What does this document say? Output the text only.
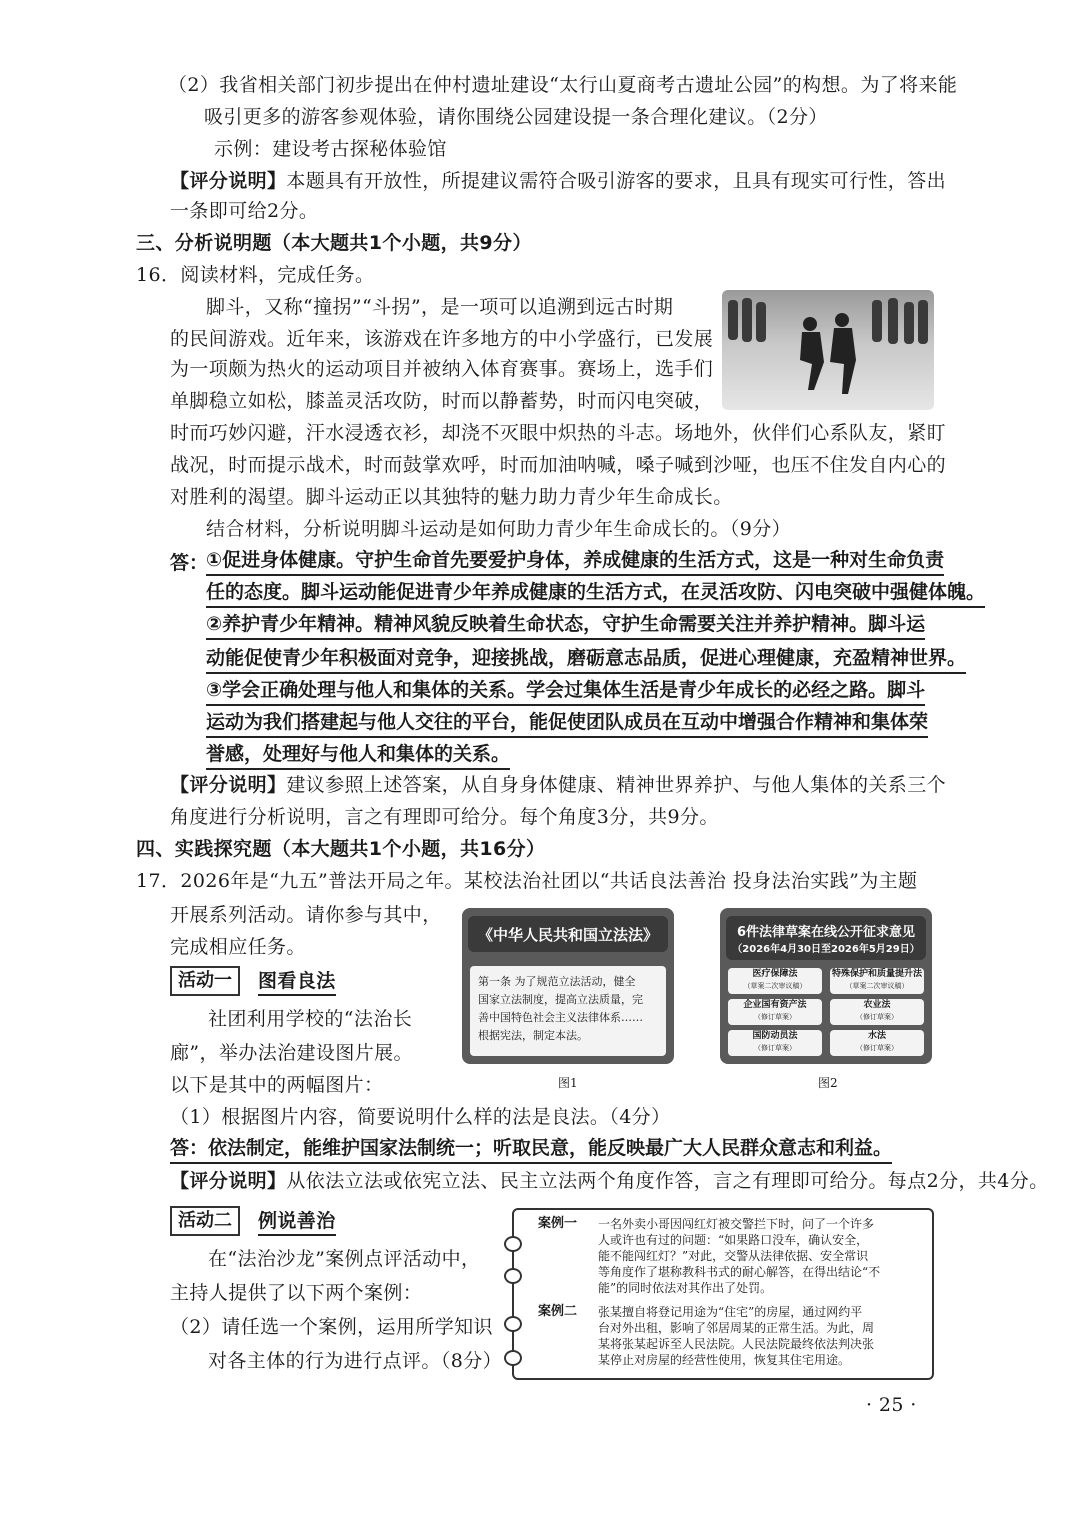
（2）我省相关部门初步提出在仲村遗址建设“太行山夏商考古遗址公园”的构想。为了将来能
吸引更多的游客参观体验，请你围绕公园建设提一条合理化建议。（2分）
示例：建设考古探秘体验馆
【评分说明】本题具有开放性，所提建议需符合吸引游客的要求，且具有现实可行性，答出
一条即可给2分。
三、分析说明题（本大题共1个小题，共9分）
16．阅读材料，完成任务。
脚斗，又称“撞拐”“斗拐”，是一项可以追溯到远古时期
的民间游戏。近年来，该游戏在许多地方的中小学盛行，已发展
为一项颇为热火的运动项目并被纳入体育赛事。赛场上，选手们
单脚稳立如松，膝盖灵活攻防，时而以静蓄势，时而闪电突破，
时而巧妙闪避，汗水浸透衣衫，却浇不灭眼中炽热的斗志。场地外，伙伴们心系队友，紧盯
战况，时而提示战术，时而鼓掌欢呼，时而加油呐喊，嗓子喊到沙哑，也压不住发自内心的
对胜利的渴望。脚斗运动正以其独特的魅力助力青少年生命成长。
结合材料，分析说明脚斗运动是如何助力青少年生命成长的。（9分）
答：
①促进身体健康。守护生命首先要爱护身体，养成健康的生活方式，这是一种对生命负责
任的态度。脚斗运动能促进青少年养成健康的生活方式，在灵活攻防、闪电突破中强健体魄。
②养护青少年精神。精神风貌反映着生命状态，守护生命需要关注并养护精神。脚斗运
动能促使青少年积极面对竞争，迎接挑战，磨砺意志品质，促进心理健康，充盈精神世界。
③学会正确处理与他人和集体的关系。学会过集体生活是青少年成长的必经之路。脚斗
运动为我们搭建起与他人交往的平台，能促使团队成员在互动中增强合作精神和集体荣
誉感，处理好与他人和集体的关系。
【评分说明】建议参照上述答案，从自身身体健康、精神世界养护、与他人集体的关系三个
角度进行分析说明，言之有理即可给分。每个角度3分，共9分。
四、实践探究题（本大题共1个小题，共16分）
17．2026年是“九五”普法开局之年。某校法治社团以“共话良法善治 投身法治实践”为主题
开展系列活动。请你参与其中，
完成相应任务。
活动一	图看良法
社团利用学校的“法治长
廊”，举办法治建设图片展。
以下是其中的两幅图片：
《中华人民共和国立法法》
第一条 为了规范立法活动，健全
国家立法制度，提高立法质量，完
善中国特色社会主义法律体系……
根据宪法，制定本法。
图1
6件法律草案在线公开征求意见
（2026年4月30日至2026年5月29日）
医疗保障法
（草案二次审议稿）
特殊保护和质量提升法
（草案二次审议稿）
企业国有资产法
（修订草案）
农业法
（修订草案）
国防动员法
（修订草案）
水法
（修订草案）
图2
（1）根据图片内容，简要说明什么样的法是良法。（4分）
答：依法制定，能维护国家法制统一；听取民意，能反映最广大人民群众意志和利益。
【评分说明】从依法立法或依宪立法、民主立法两个角度作答，言之有理即可给分。每点2分，共4分。
活动二	例说善治
在“法治沙龙”案例点评活动中，
主持人提供了以下两个案例：
（2）请任选一个案例，运用所学知识
对各主体的行为进行点评。（8分）
案例一 一名外卖小哥因闯红灯被交警拦下时，问了一个许多
人或许也有过的问题：“如果路口没车，确认安全，
能不能闯红灯？”对此，交警从法律依据、安全常识
等角度作了堪称教科书式的耐心解答，在得出结论“不
能”的同时依法对其作出了处罚。
案例二 张某擅自将登记用途为“住宅”的房屋，通过网约平
台对外出租，影响了邻居周某的正常生活。为此，周
某将张某起诉至人民法院。人民法院最终依法判决张
某停止对房屋的经营性使用，恢复其住宅用途。
· 25 ·
